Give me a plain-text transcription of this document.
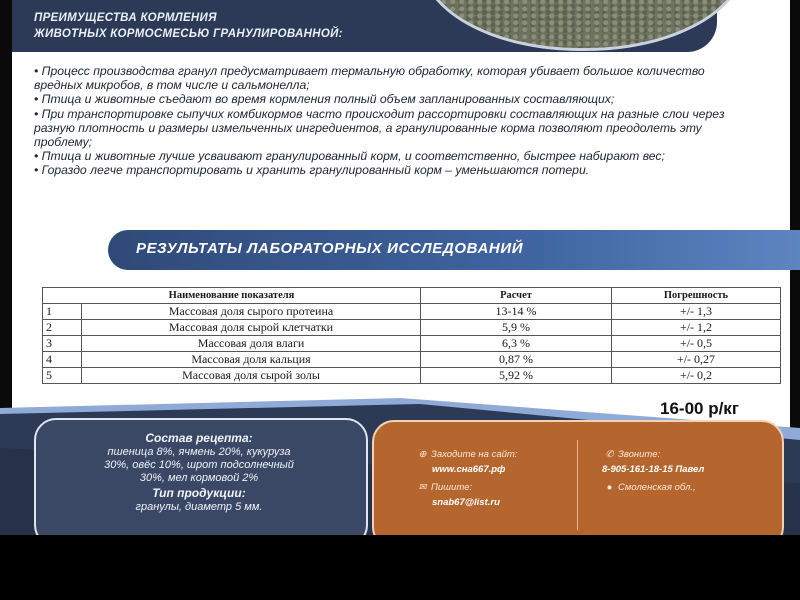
ПРЕИМУЩЕСТВА КОРМЛЕНИЯ
ЖИВОТНЫХ КОРМОСМЕСЬЮ ГРАНУЛИРОВАННОЙ:

• Процесс производства гранул предусматривает термальную обработку, которая убивает большое количество вредных микробов, в том числе и сальмонелла;

• Птица и животные съедают во время кормления полный объем запланированных составляющих;

• При транспортировке сыпучих комбикормов часто происходит рассортировки составляющих на разные слои через разную плотность и размеры измельченных ингредиентов, а гранулированные корма позволяют преодолеть эту проблему;

• Птица и животные лучше усваивают гранулированный корм, и соответственно, быстрее набирают вес;

• Гораздо легче транспортировать и хранить гранулированный корм – уменьшаются потери.

РЕЗУЛЬТАТЫ ЛАБОРАТОРНЫХ ИССЛЕДОВАНИЙ
Наименование показателя		Расчет	Погрешность
1	Массовая доля сырого протеина	13-14 %	+/- 1,3
2	Массовая доля сырой клетчатки	5,9 %	+/- 1,2
3	Массовая доля влаги	6,3 %	+/- 0,5
4	Массовая доля кальция	0,87 %	+/- 0,27
5	Массовая доля сырой золы	5,92 %	+/- 0,2
16-00 р/кг
Состав рецепта:
пшеница 8%, ячмень 20%, кукуруза
30%, овёс 10%, шрот подсолнечный
30%, мел кормовой 2%
Тип продукции:
гранулы, диаметр 5 мм.
⊕ Заходите на сайт:
www.сна667.рф
✉ Пишите:
snab67@list.ru
✆ Звоните:
8-905-161-18-15 Павел
● Смоленская обл.,
